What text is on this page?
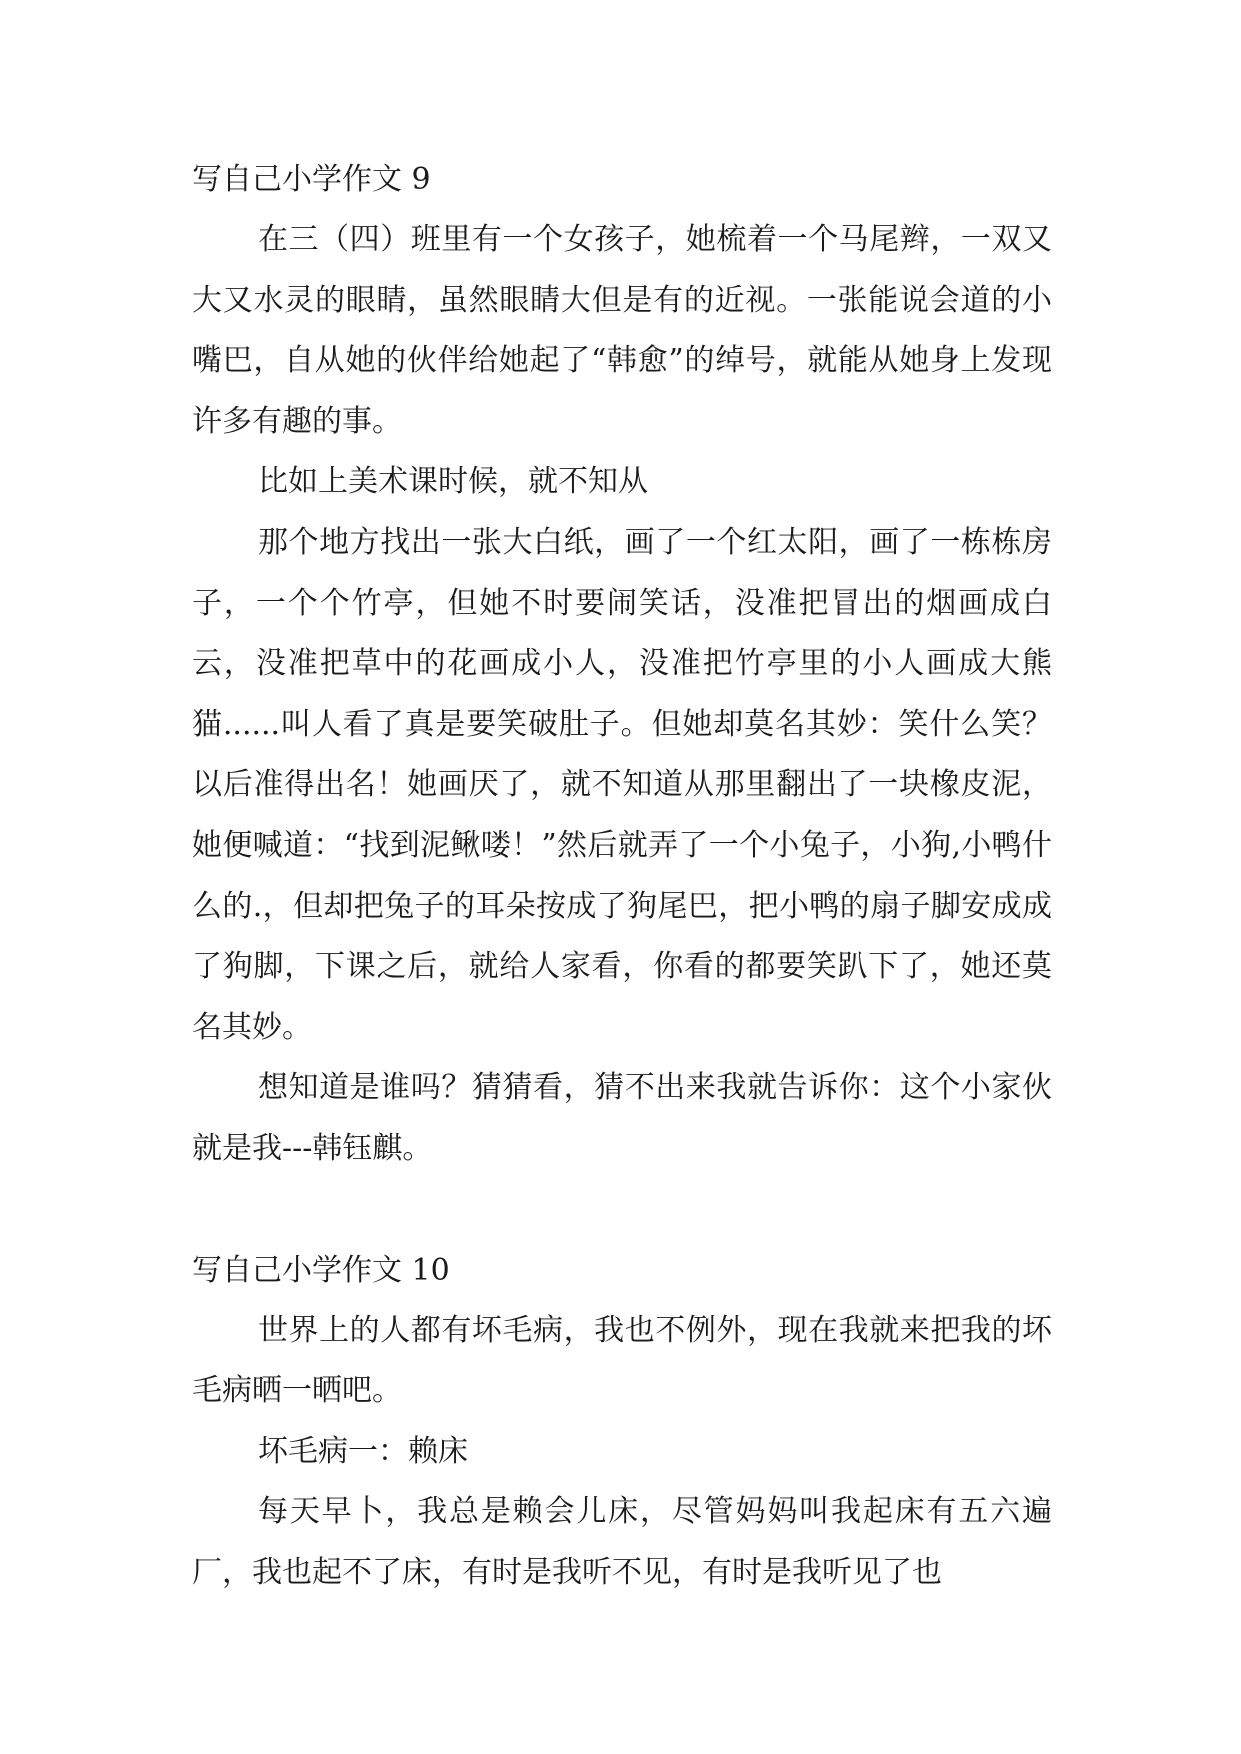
写自己小学作文 9

在三（四）班里有一个女孩子，她梳着一个马尾辫，一双又大又水灵的眼睛，虽然眼睛大但是有的近视。一张能说会道的小嘴巴，自从她的伙伴给她起了“韩愈”的绰号，就能从她身上发现许多有趣的事。

比如上美术课时候，就不知从

那个地方找出一张大白纸，画了一个红太阳，画了一栋栋房子，一个个竹亭，但她不时要闹笑话，没准把冒出的烟画成白云，没准把草中的花画成小人，没准把竹亭里的小人画成大熊猫......叫人看了真是要笑破肚子。但她却莫名其妙：笑什么笑？以后准得出名！她画厌了，就不知道从那里翻出了一块橡皮泥，她便喊道：“找到泥鳅喽！”然后就弄了一个小兔子，小狗,小鸭什么的.，但却把兔子的耳朵按成了狗尾巴，把小鸭的扇子脚安成成了狗脚，下课之后，就给人家看，你看的都要笑趴下了，她还莫名其妙。

想知道是谁吗？猜猜看，猜不出来我就告诉你：这个小家伙就是我---韩钰麒。

写自己小学作文 10

世界上的人都有坏毛病，我也不例外，现在我就来把我的坏毛病晒一晒吧。

坏毛病一：赖床

每天早卜，我总是赖会儿床，尽管妈妈叫我起床有五六遍厂，我也起不了床，有时是我听不见，有时是我听见了也
